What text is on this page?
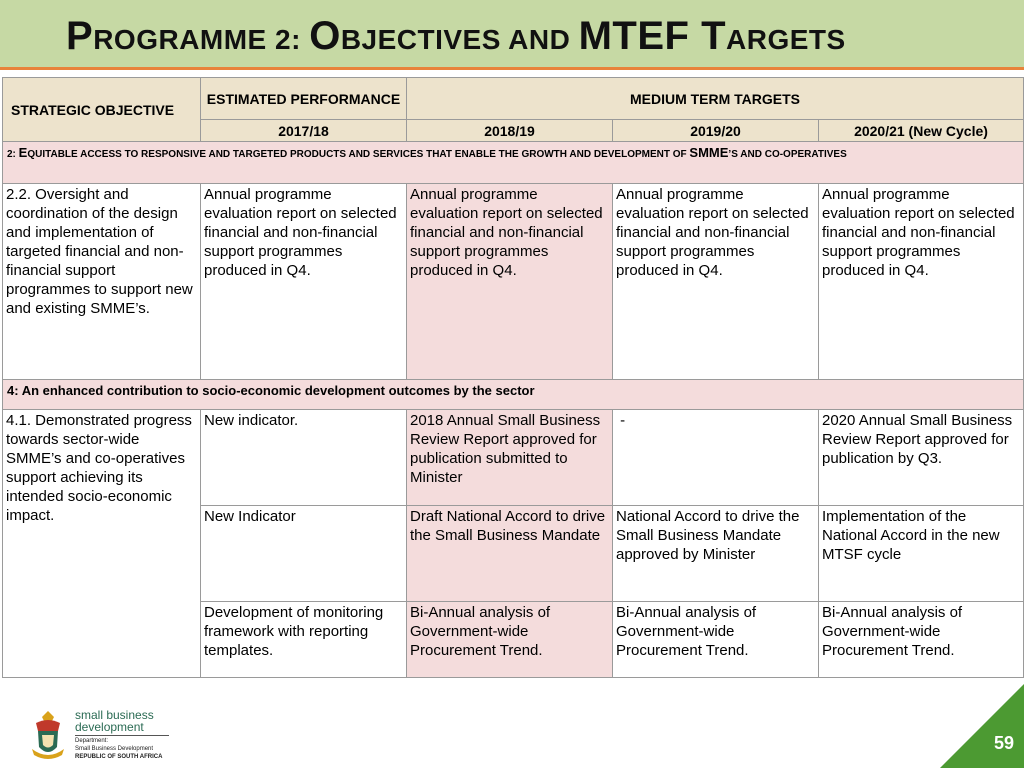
PROGRAMME 2: OBJECTIVES AND MTEF TARGETS
STRATEGIC OBJECTIVE	ESTIMATED PERFORMANCE	MEDIUM TERM TARGETS		
	2017/18	2018/19	2019/20	2020/21 (New Cycle)
2: EQUITABLE ACCESS TO RESPONSIVE AND TARGETED PRODUCTS AND SERVICES THAT ENABLE THE GROWTH AND DEVELOPMENT OF SMME’S AND CO-OPERATIVES				
2.2. Oversight and coordination of the design and implementation of targeted financial and non-financial support programmes to support new and existing SMME’s.	Annual programme evaluation report on selected financial and non-financial support programmes produced in Q4.	Annual programme evaluation report on selected financial and non-financial support programmes produced in Q4.	Annual programme evaluation report on selected financial and non-financial support programmes produced in Q4.	Annual programme evaluation report on selected financial and non-financial support programmes produced in Q4.
4: An enhanced contribution to socio-economic development outcomes by the sector				
4.1. Demonstrated progress towards sector-wide SMME’s and co-operatives support achieving its intended socio-economic impact.	New indicator.	2018 Annual Small Business Review Report approved for publication submitted to Minister	-	2020 Annual Small Business Review Report approved for publication by Q3.
	New Indicator	Draft National Accord to drive the Small Business Mandate	National Accord to drive the Small Business Mandate approved by Minister	Implementation of the National Accord in the new MTSF cycle
	Development of monitoring framework with reporting templates.	Bi-Annual analysis of Government-wide Procurement Trend.	Bi-Annual analysis of Government-wide Procurement Trend.	Bi-Annual analysis of Government-wide Procurement Trend.
small business
development
Department:
Small Business Development
REPUBLIC OF SOUTH AFRICA
59
